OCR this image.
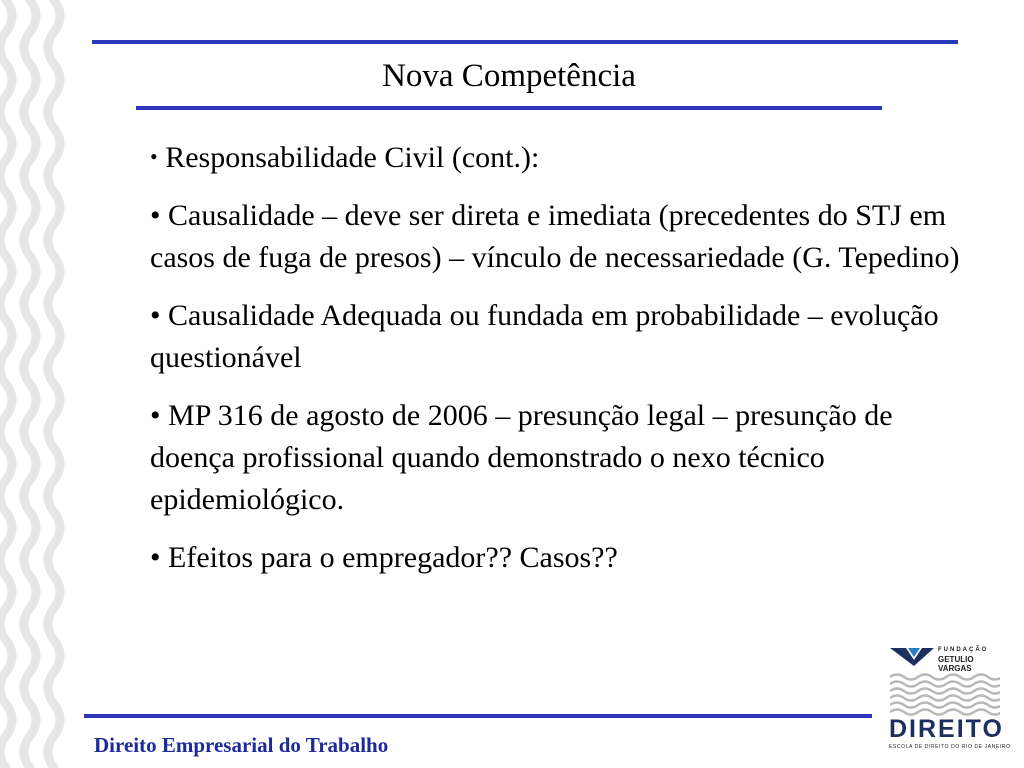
Nova Competência

• Responsabilidade Civil (cont.):

• Causalidade – deve ser direta e imediata (precedentes do STJ em casos de fuga de presos) – vínculo de necessariedade (G. Tepedino)

• Causalidade Adequada ou fundada em probabilidade – evolução questionável

• MP 316 de agosto de 2006 – presunção legal – presunção de doença profissional quando demonstrado o nexo técnico epidemiológico.

• Efeitos para o empregador?? Casos??

Direito Empresarial do Trabalho
FUNDAÇÃO
GETULIO VARGAS
DIREITO
ESCOLA DE DIREITO DO RIO DE JANEIRO
